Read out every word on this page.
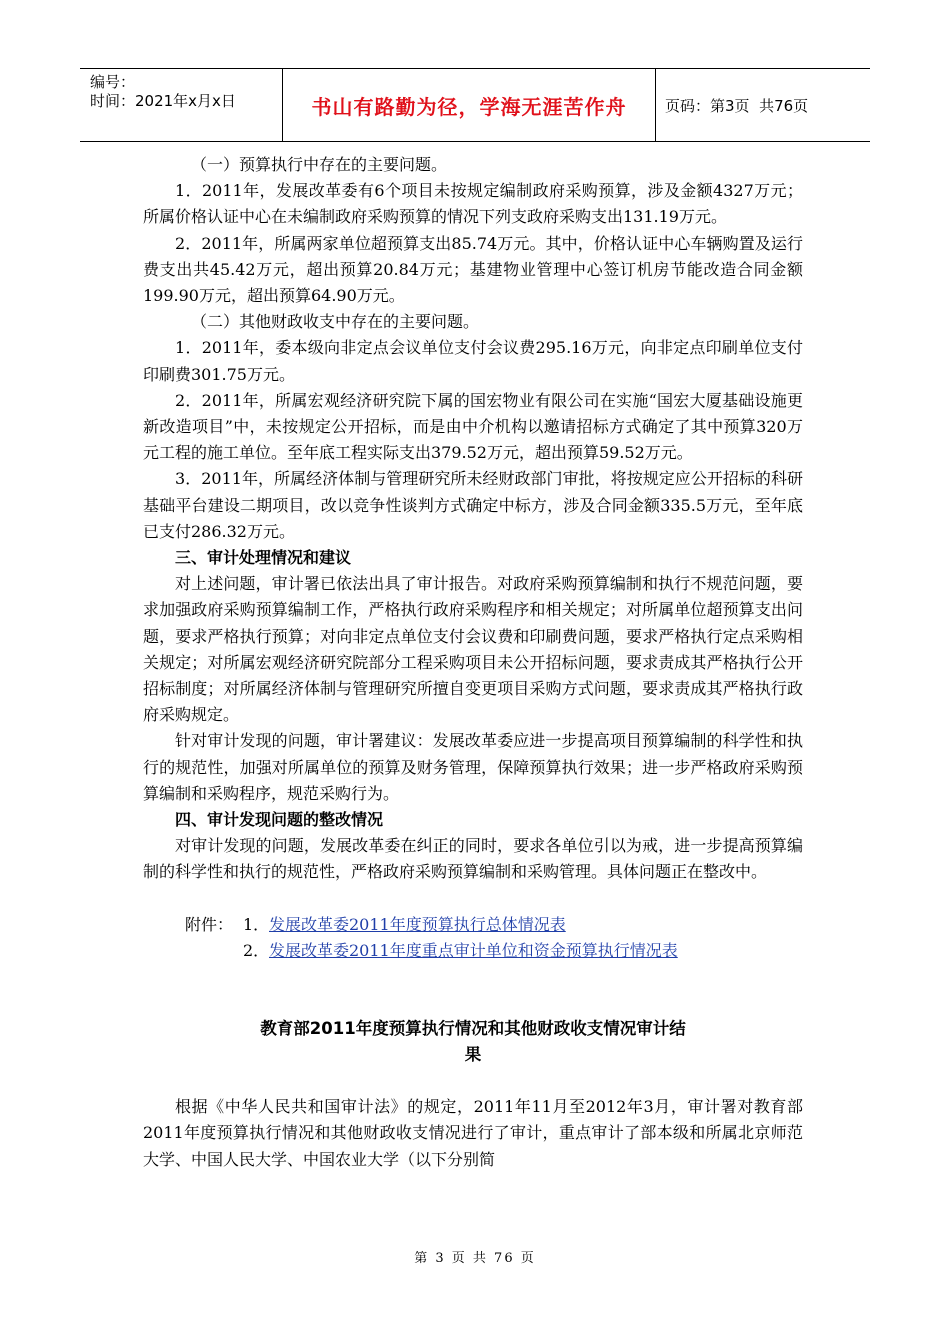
编号：
时间：2021年x月x日	书山有路勤为径，学海无涯苦作舟	页码：第3页  共76页

（一）预算执行中存在的主要问题。

1．2011年，发展改革委有6个项目未按规定编制政府采购预算，涉及金额4327万元；所属价格认证中心在未编制政府采购预算的情况下列支政府采购支出131.19万元。

2．2011年，所属两家单位超预算支出85.74万元。其中，价格认证中心车辆购置及运行费支出共45.42万元，超出预算20.84万元；基建物业管理中心签订机房节能改造合同金额199.90万元，超出预算64.90万元。

（二）其他财政收支中存在的主要问题。

1．2011年，委本级向非定点会议单位支付会议费295.16万元，向非定点印刷单位支付印刷费301.75万元。

2．2011年，所属宏观经济研究院下属的国宏物业有限公司在实施“国宏大厦基础设施更新改造项目”中，未按规定公开招标，而是由中介机构以邀请招标方式确定了其中预算320万元工程的施工单位。至年底工程实际支出379.52万元，超出预算59.52万元。

3．2011年，所属经济体制与管理研究所未经财政部门审批，将按规定应公开招标的科研基础平台建设二期项目，改以竞争性谈判方式确定中标方，涉及合同金额335.5万元，至年底已支付286.32万元。

三、审计处理情况和建议

对上述问题，审计署已依法出具了审计报告。对政府采购预算编制和执行不规范问题，要求加强政府采购预算编制工作，严格执行政府采购程序和相关规定；对所属单位超预算支出问题，要求严格执行预算；对向非定点单位支付会议费和印刷费问题，要求严格执行定点采购相关规定；对所属宏观经济研究院部分工程采购项目未公开招标问题，要求责成其严格执行公开招标制度；对所属经济体制与管理研究所擅自变更项目采购方式问题，要求责成其严格执行政府采购规定。

针对审计发现的问题，审计署建议：发展改革委应进一步提高项目预算编制的科学性和执行的规范性，加强对所属单位的预算及财务管理，保障预算执行效果；进一步严格政府采购预算编制和采购程序，规范采购行为。

四、审计发现问题的整改情况

对审计发现的问题，发展改革委在纠正的同时，要求各单位引以为戒，进一步提高预算编制的科学性和执行的规范性，严格政府采购预算编制和采购管理。具体问题正在整改中。

附件： 1． 发展改革委2011年度预算执行总体情况表
2． 发展改革委2011年度重点审计单位和资金预算执行情况表

教育部2011年度预算执行情况和其他财政收支情况审计结

果

根据《中华人民共和国审计法》的规定，2011年11月至2012年3月，审计署对教育部2011年度预算执行情况和其他财政收支情况进行了审计，重点审计了部本级和所属北京师范大学、中国人民大学、中国农业大学（以下分别简

第 3 页 共 76 页
